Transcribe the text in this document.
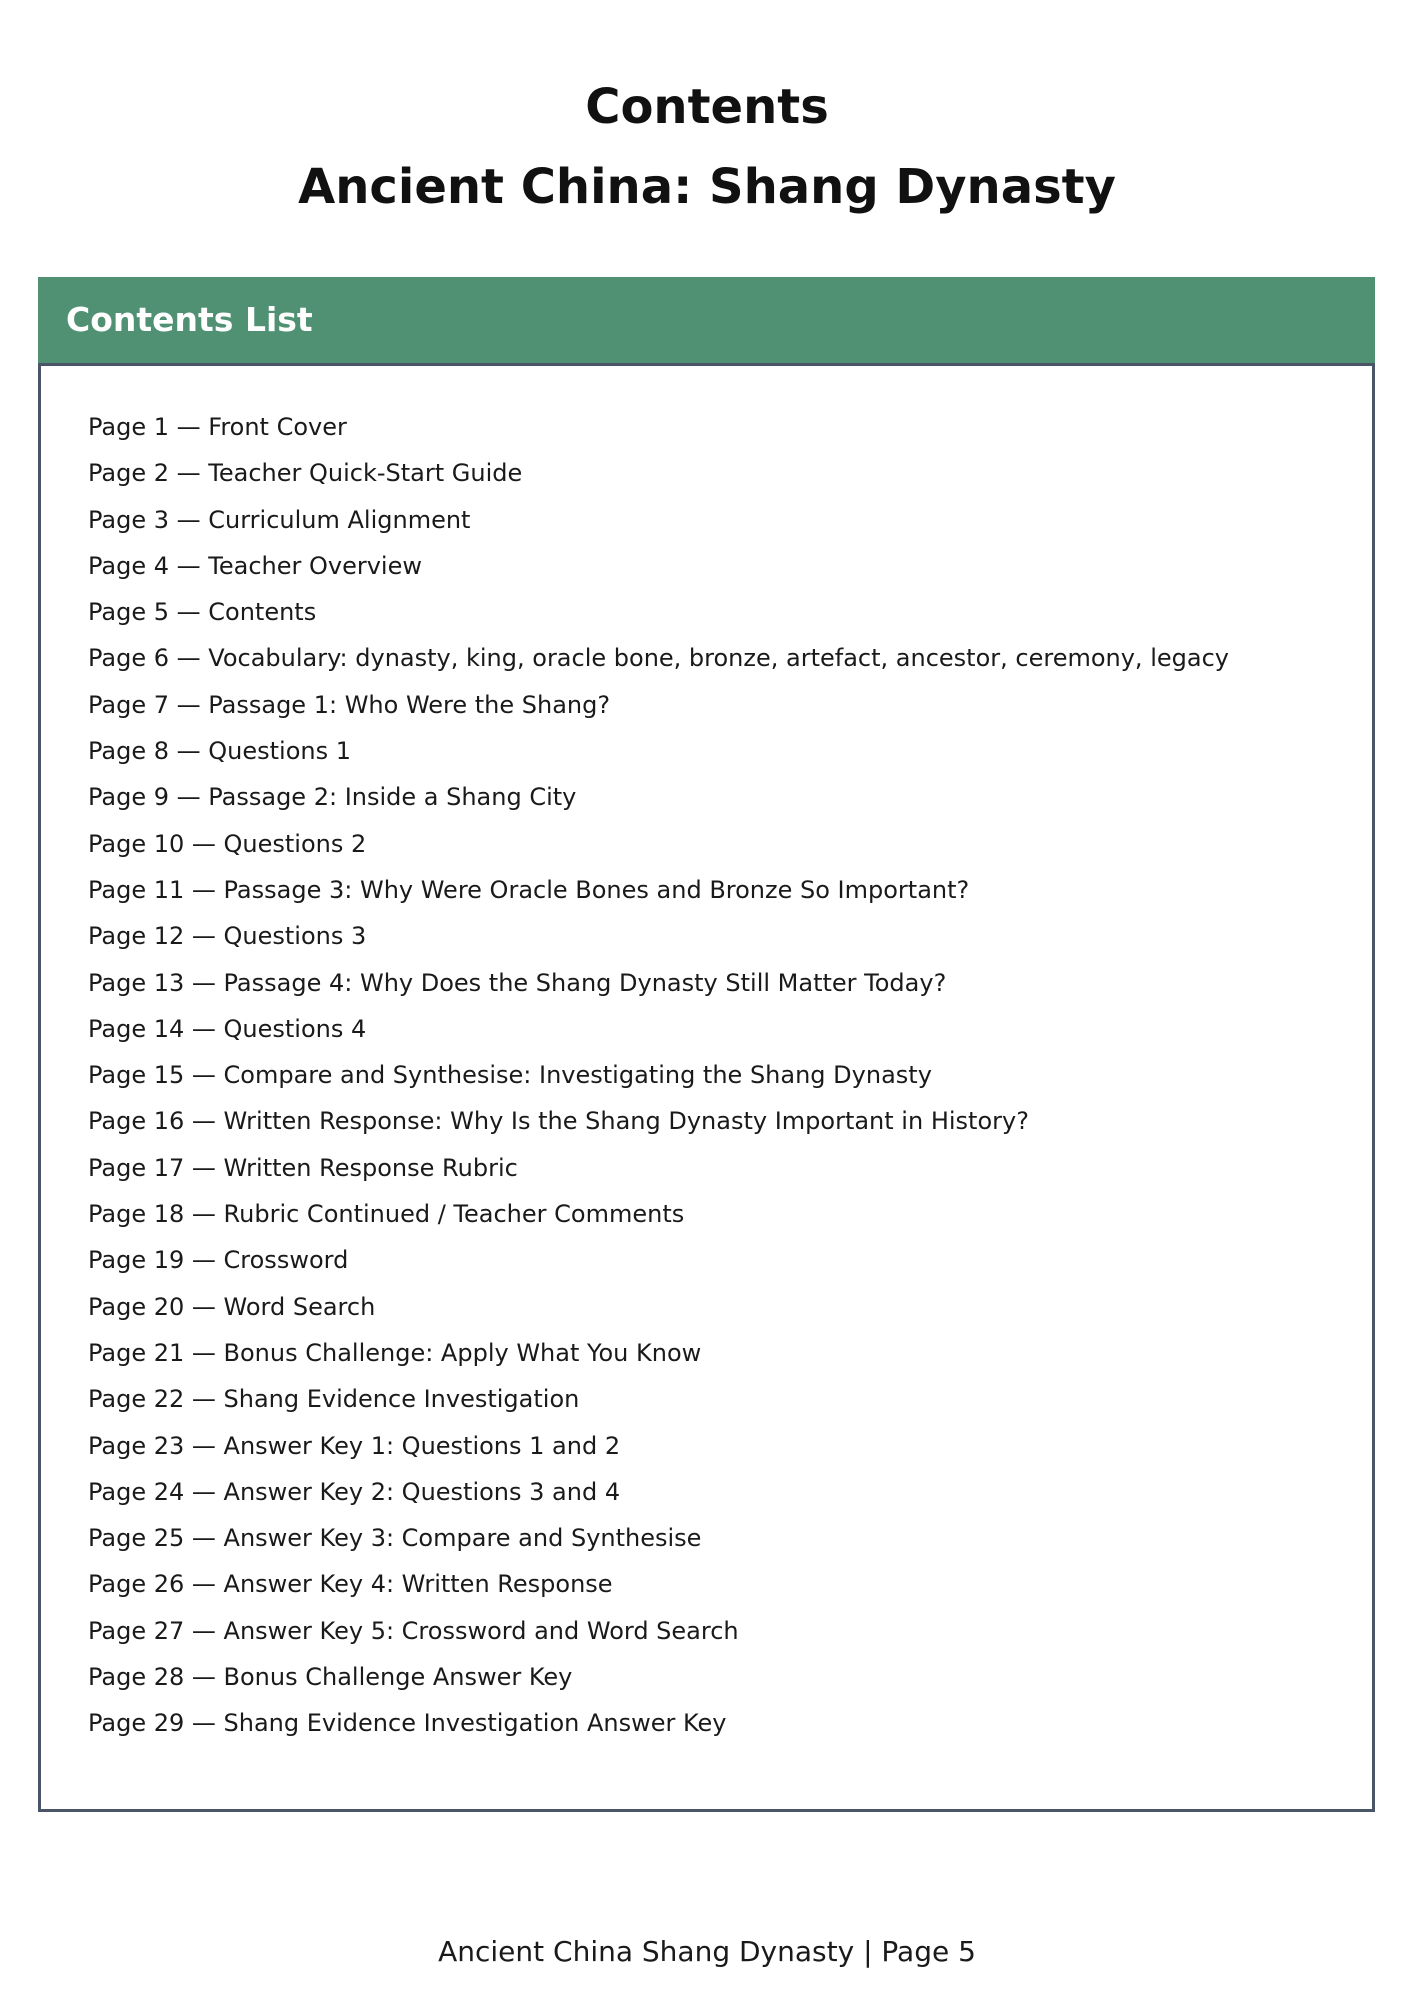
Contents
Ancient China: Shang Dynasty
Contents List
Page 1 — Front Cover
Page 2 — Teacher Quick-Start Guide
Page 3 — Curriculum Alignment
Page 4 — Teacher Overview
Page 5 — Contents
Page 6 — Vocabulary: dynasty, king, oracle bone, bronze, artefact, ancestor, ceremony, legacy
Page 7 — Passage 1: Who Were the Shang?
Page 8 — Questions 1
Page 9 — Passage 2: Inside a Shang City
Page 10 — Questions 2
Page 11 — Passage 3: Why Were Oracle Bones and Bronze So Important?
Page 12 — Questions 3
Page 13 — Passage 4: Why Does the Shang Dynasty Still Matter Today?
Page 14 — Questions 4
Page 15 — Compare and Synthesise: Investigating the Shang Dynasty
Page 16 — Written Response: Why Is the Shang Dynasty Important in History?
Page 17 — Written Response Rubric
Page 18 — Rubric Continued / Teacher Comments
Page 19 — Crossword
Page 20 — Word Search
Page 21 — Bonus Challenge: Apply What You Know
Page 22 — Shang Evidence Investigation
Page 23 — Answer Key 1: Questions 1 and 2
Page 24 — Answer Key 2: Questions 3 and 4
Page 25 — Answer Key 3: Compare and Synthesise
Page 26 — Answer Key 4: Written Response
Page 27 — Answer Key 5: Crossword and Word Search
Page 28 — Bonus Challenge Answer Key
Page 29 — Shang Evidence Investigation Answer Key
Ancient China Shang Dynasty | Page 5
